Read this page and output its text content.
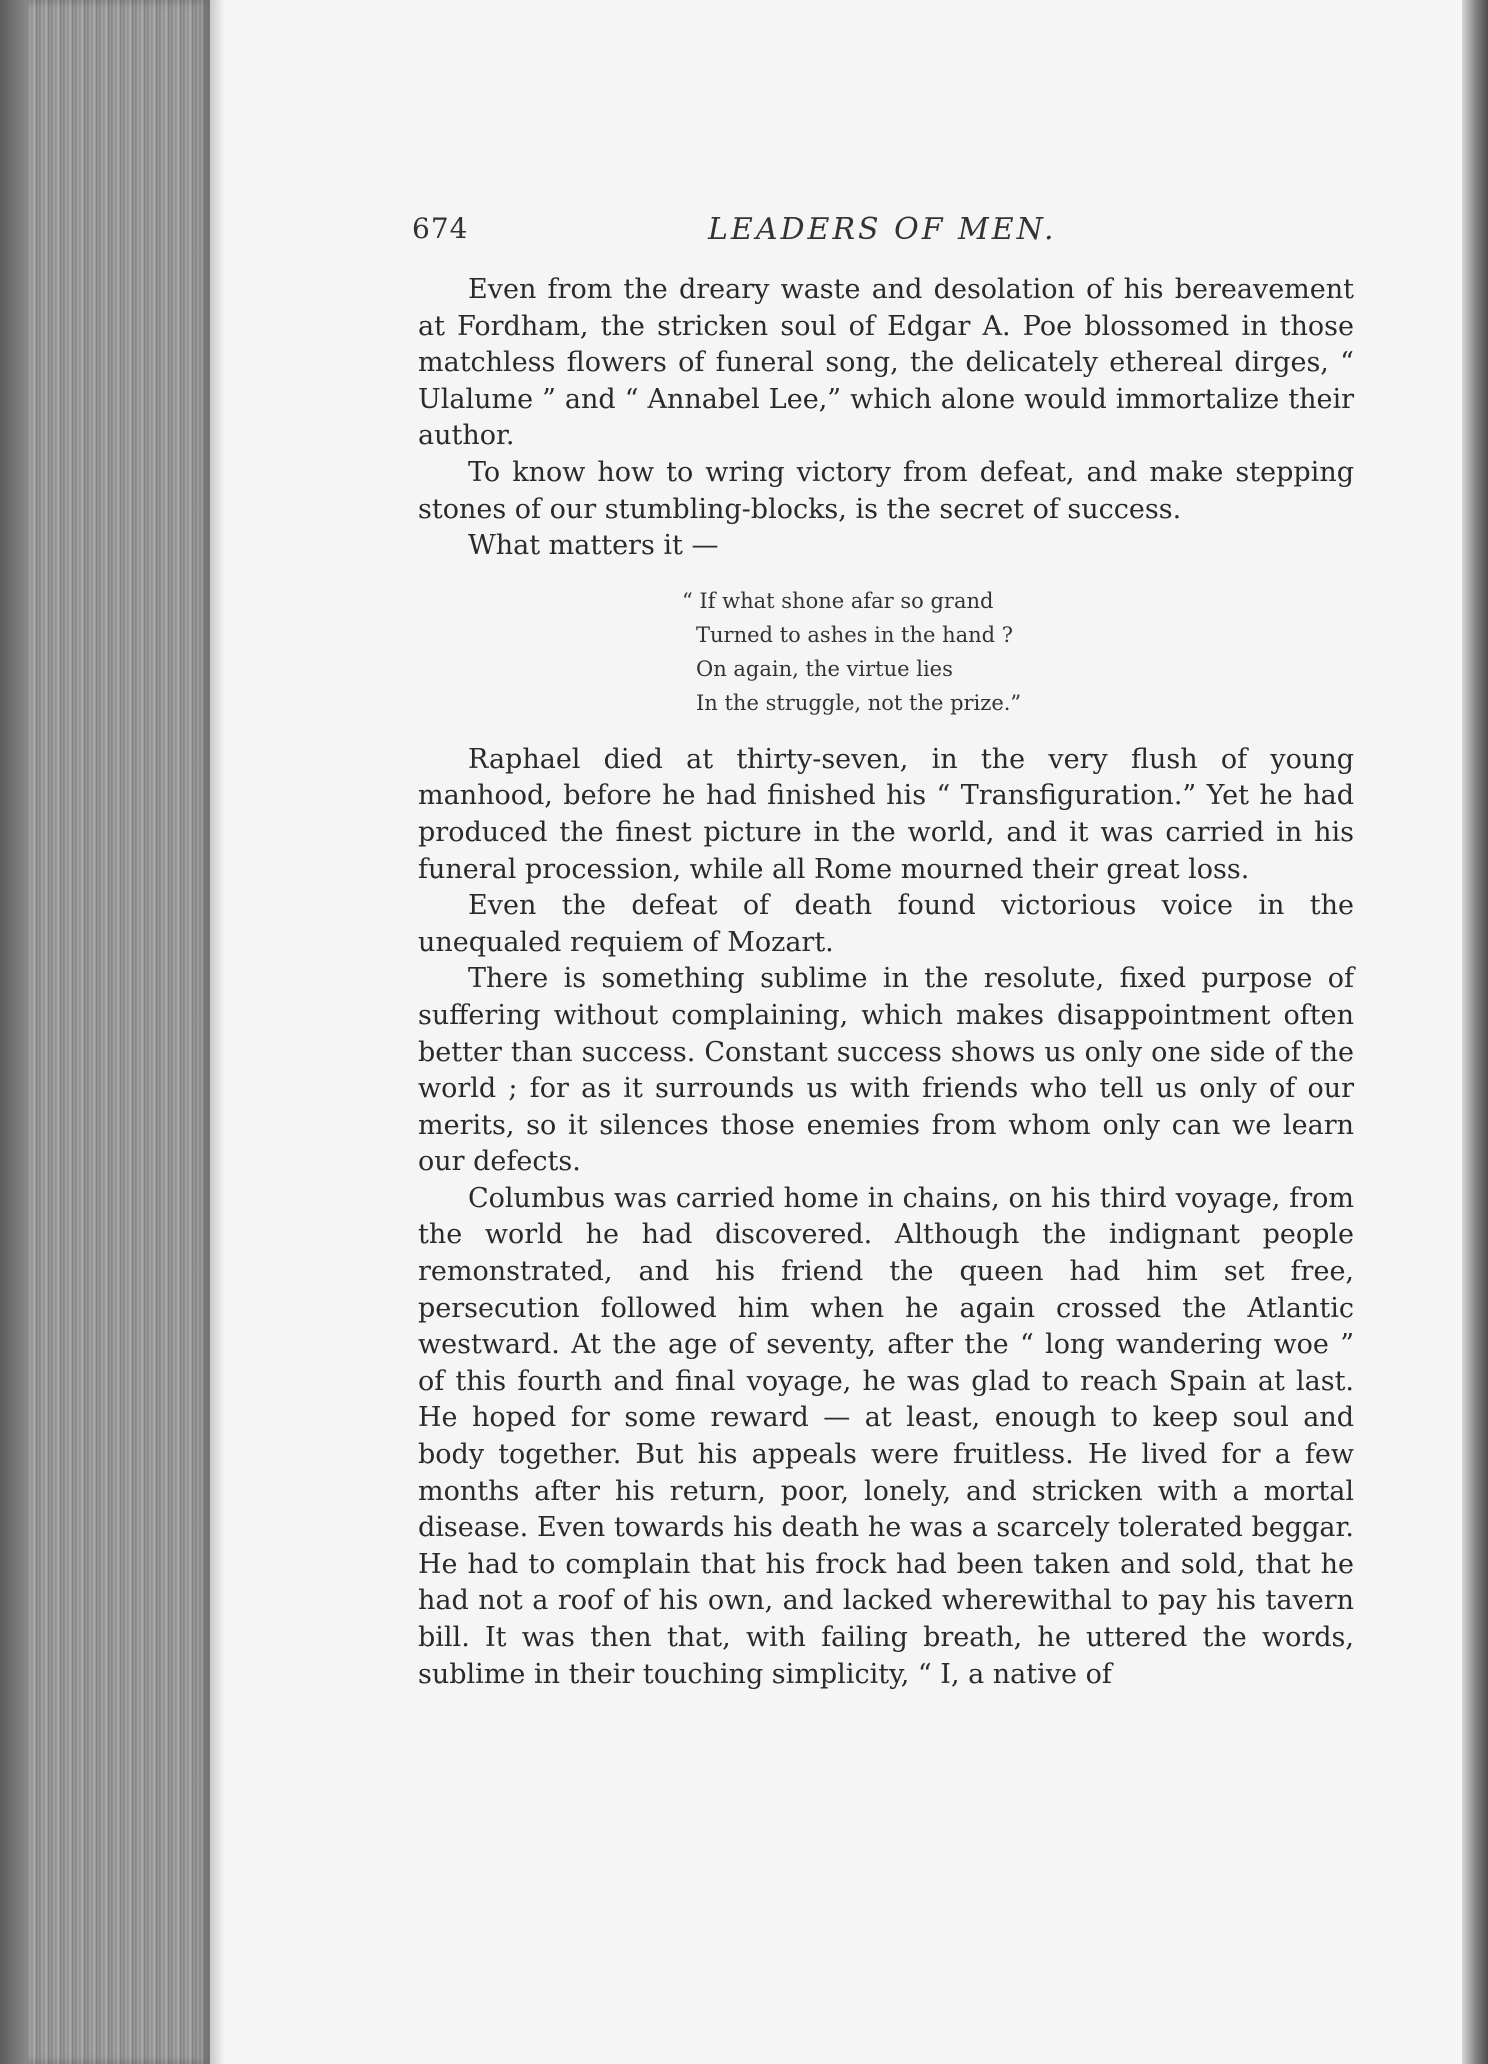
674	LEADERS OF MEN.

Even from the dreary waste and desolation of his bereavement at Fordham, the stricken soul of Edgar A. Poe blossomed in those matchless flowers of funeral song, the delicately ethereal dirges, “ Ulalume ” and “ Annabel Lee,” which alone would immortalize their author.

To know how to wring victory from defeat, and make stepping stones of our stumbling-blocks, is the secret of success.

What matters it —

“ If what shone afar so grand
Turned to ashes in the hand ?
On again, the virtue lies
In the struggle, not the prize.”

Raphael died at thirty-seven, in the very flush of young manhood, before he had finished his “ Transfiguration.” Yet he had produced the finest picture in the world, and it was carried in his funeral procession, while all Rome mourned their great loss.

Even the defeat of death found victorious voice in the unequaled requiem of Mozart.

There is something sublime in the resolute, fixed purpose of suffering without complaining, which makes disappointment often better than success. Constant success shows us only one side of the world ; for as it surrounds us with friends who tell us only of our merits, so it silences those enemies from whom only can we learn our defects.

Columbus was carried home in chains, on his third voyage, from the world he had discovered. Although the indignant people remonstrated, and his friend the queen had him set free, persecution followed him when he again crossed the Atlantic westward. At the age of seventy, after the “ long wandering woe ” of this fourth and final voyage, he was glad to reach Spain at last. He hoped for some reward — at least, enough to keep soul and body together. But his appeals were fruitless. He lived for a few months after his return, poor, lonely, and stricken with a mortal disease. Even towards his death he was a scarcely tolerated beggar. He had to complain that his frock had been taken and sold, that he had not a roof of his own, and lacked wherewithal to pay his tavern bill. It was then that, with failing breath, he uttered the words, sublime in their touching simplicity, “ I, a native of
